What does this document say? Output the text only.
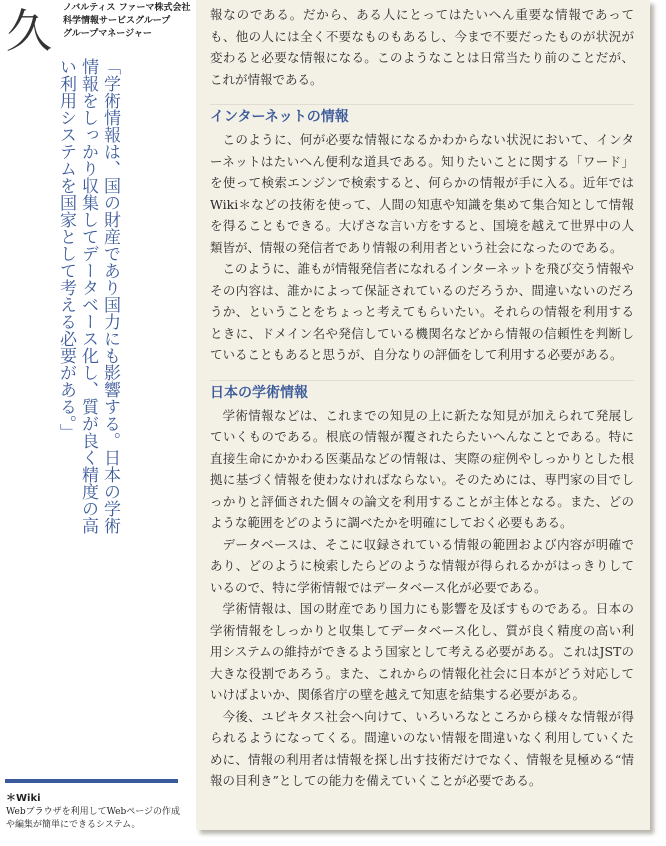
久 ノバルティス ファーマ株式会社
科学情報サービスグループ
グループマネージャー
「学術情報は、国の財産であり国力にも影響する。日本の学術情報をしっかり収集してデータベース化し、質が良く精度の高い利用システムを国家として考える必要がある。」
＊Wiki
Webブラウザを利用してWebページの作成や編集が簡単にできるシステム。

報なのである。だから、ある人にとってはたいへん重要な情報であっても、他の人には全く不要なものもあるし、今まで不要だったものが状況が変わると必要な情報になる。このようなことは日常当たり前のことだが、これが情報である。

インターネットの情報

このように、何が必要な情報になるかわからない状況において、インターネットはたいへん便利な道具である。知りたいことに関する「ワード」を使って検索エンジンで検索すると、何らかの情報が手に入る。近年ではWiki＊などの技術を使って、人間の知恵や知識を集めて集合知として情報を得ることもできる。大げさな言い方をすると、国境を越えて世界中の人類皆が、情報の発信者であり情報の利用者という社会になったのである。

このように、誰もが情報発信者になれるインターネットを飛び交う情報やその内容は、誰かによって保証されているのだろうか、間違いないのだろうか、ということをちょっと考えてもらいたい。それらの情報を利用するときに、ドメイン名や発信している機関名などから情報の信頼性を判断していることもあると思うが、自分なりの評価をして利用する必要がある。

日本の学術情報

学術情報などは、これまでの知見の上に新たな知見が加えられて発展していくものである。根底の情報が覆されたらたいへんなことである。特に直接生命にかかわる医薬品などの情報は、実際の症例やしっかりとした根拠に基づく情報を使わなければならない。そのためには、専門家の目でしっかりと評価された個々の論文を利用することが主体となる。また、どのような範囲をどのように調べたかを明確にしておく必要もある。

データベースは、そこに収録されている情報の範囲および内容が明確であり、どのように検索したらどのような情報が得られるかがはっきりしているので、特に学術情報ではデータベース化が必要である。

学術情報は、国の財産であり国力にも影響を及ぼすものである。日本の学術情報をしっかりと収集してデータベース化し、質が良く精度の高い利用システムの維持ができるよう国家として考える必要がある。これはJSTの大きな役割であろう。また、これからの情報化社会に日本がどう対応していけばよいか、関係省庁の壁を越えて知恵を結集する必要がある。

今後、ユビキタス社会へ向けて、いろいろなところから様々な情報が得られるようになってくる。間違いのない情報を間違いなく利用していくために、情報の利用者は情報を探し出す技術だけでなく、情報を見極める“情報の目利き”としての能力を備えていくことが必要である。
